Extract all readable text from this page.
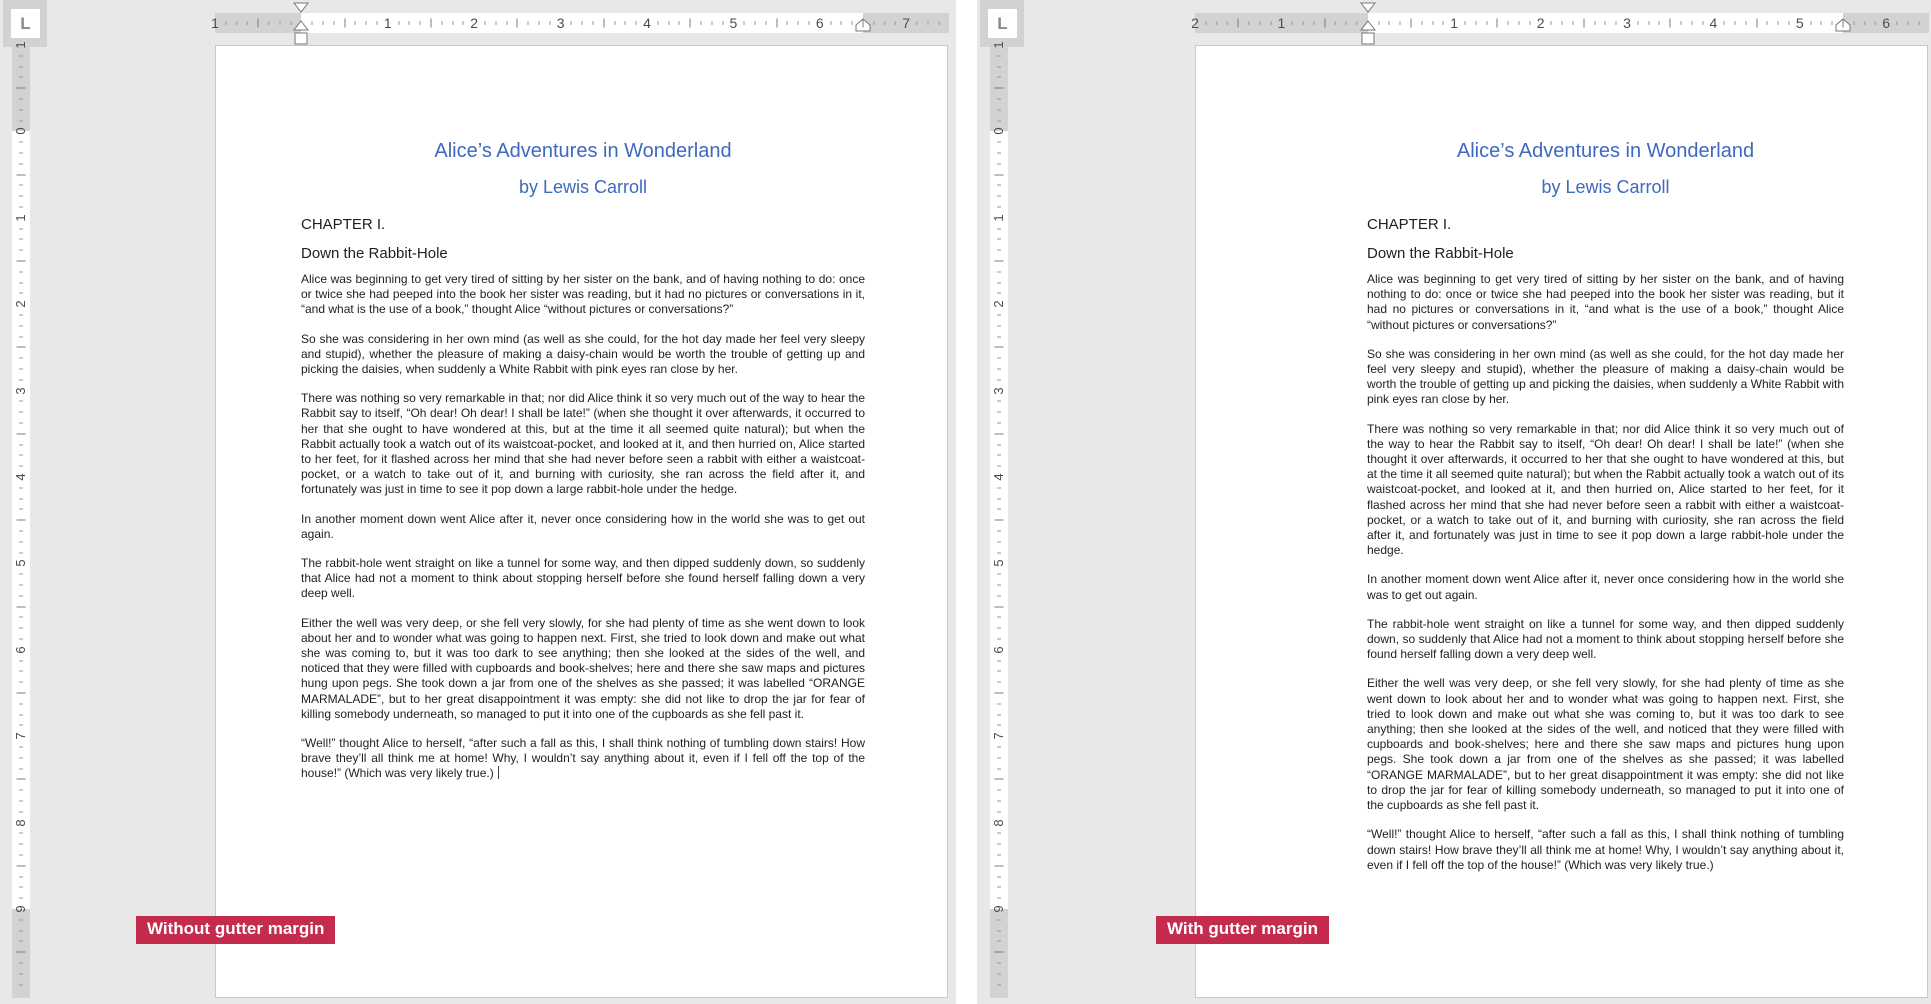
L	1	1	2	3	4	5	6	7
1
0
1
2
3
4
5
6
7
8
9
Alice’s Adventures in Wonderland
by Lewis Carroll
CHAPTER I.
Down the Rabbit-Hole

Alice was beginning to get very tired of sitting by her sister on the bank, and of having nothing to do: once or twice she had peeped into the book her sister was reading, but it had no pictures or conversations in it, “and what is the use of a book,” thought Alice “without pictures or conversations?”

So she was considering in her own mind (as well as she could, for the hot day made her feel very sleepy and stupid), whether the pleasure of making a daisy-chain would be worth the trouble of getting up and picking the daisies, when suddenly a White Rabbit with pink eyes ran close by her.

There was nothing so very remarkable in that; nor did Alice think it so very much out of the way to hear the Rabbit say to itself, “Oh dear! Oh dear! I shall be late!” (when she thought it over afterwards, it occurred to her that she ought to have wondered at this, but at the time it all seemed quite natural); but when the Rabbit actually took a watch out of its waistcoat-pocket, and looked at it, and then hurried on, Alice started to her feet, for it flashed across her mind that she had never before seen a rabbit with either a waistcoat-pocket, or a watch to take out of it, and burning with curiosity, she ran across the field after it, and fortunately was just in time to see it pop down a large rabbit-hole under the hedge.

In another moment down went Alice after it, never once considering how in the world she was to get out again.

The rabbit-hole went straight on like a tunnel for some way, and then dipped suddenly down, so suddenly that Alice had not a moment to think about stopping herself before she found herself falling down a very deep well.

Either the well was very deep, or she fell very slowly, for she had plenty of time as she went down to look about her and to wonder what was going to happen next. First, she tried to look down and make out what she was coming to, but it was too dark to see anything; then she looked at the sides of the well, and noticed that they were filled with cupboards and book-shelves; here and there she saw maps and pictures hung upon pegs. She took down a jar from one of the shelves as she passed; it was labelled “ORANGE MARMALADE”, but to her great disappointment it was empty: she did not like to drop the jar for fear of killing somebody underneath, so managed to put it into one of the cupboards as she fell past it.

“Well!” thought Alice to herself, “after such a fall as this, I shall think nothing of tumbling down stairs! How brave they’ll all think me at home! Why, I wouldn’t say anything about it, even if I fell off the top of the house!” (Which was very likely true.)

Without gutter margin
L	2	1	1	2	3	4	5	6
1
0
1
2
3
4
5
6
7
8
9
Alice’s Adventures in Wonderland
by Lewis Carroll
CHAPTER I.
Down the Rabbit-Hole

Alice was beginning to get very tired of sitting by her sister on the bank, and of having nothing to do: once or twice she had peeped into the book her sister was reading, but it had no pictures or conversations in it, “and what is the use of a book,” thought Alice “without pictures or conversations?”

So she was considering in her own mind (as well as she could, for the hot day made her feel very sleepy and stupid), whether the pleasure of making a daisy-chain would be worth the trouble of getting up and picking the daisies, when suddenly a White Rabbit with pink eyes ran close by her.

There was nothing so very remarkable in that; nor did Alice think it so very much out of the way to hear the Rabbit say to itself, “Oh dear! Oh dear! I shall be late!” (when she thought it over afterwards, it occurred to her that she ought to have wondered at this, but at the time it all seemed quite natural); but when the Rabbit actually took a watch out of its waistcoat-pocket, and looked at it, and then hurried on, Alice started to her feet, for it flashed across her mind that she had never before seen a rabbit with either a waistcoat-pocket, or a watch to take out of it, and burning with curiosity, she ran across the field after it, and fortunately was just in time to see it pop down a large rabbit-hole under the hedge.

In another moment down went Alice after it, never once considering how in the world she was to get out again.

The rabbit-hole went straight on like a tunnel for some way, and then dipped suddenly down, so suddenly that Alice had not a moment to think about stopping herself before she found herself falling down a very deep well.

Either the well was very deep, or she fell very slowly, for she had plenty of time as she went down to look about her and to wonder what was going to happen next. First, she tried to look down and make out what she was coming to, but it was too dark to see anything; then she looked at the sides of the well, and noticed that they were filled with cupboards and book-shelves; here and there she saw maps and pictures hung upon pegs. She took down a jar from one of the shelves as she passed; it was labelled “ORANGE MARMALADE”, but to her great disappointment it was empty: she did not like to drop the jar for fear of killing somebody underneath, so managed to put it into one of the cupboards as she fell past it.

“Well!” thought Alice to herself, “after such a fall as this, I shall think nothing of tumbling down stairs! How brave they’ll all think me at home! Why, I wouldn’t say anything about it, even if I fell off the top of the house!” (Which was very likely true.)

With gutter margin
